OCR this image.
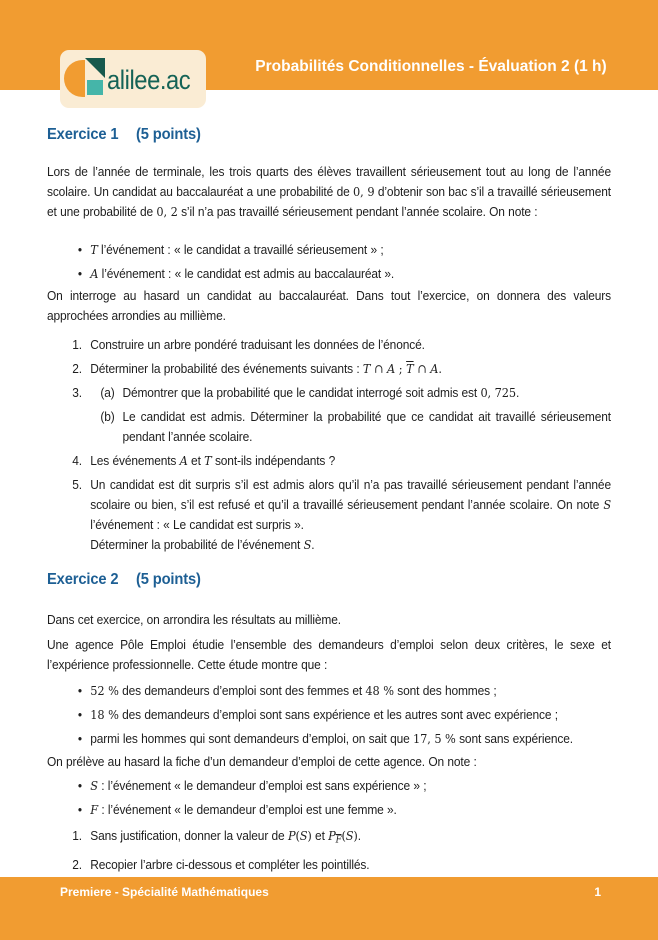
alilee.ac	Probabilités Conditionnelles - Évaluation 2 (1 h)
Exercice 1 (5 points)

Lors de l’année de terminale, les trois quarts des élèves travaillent sérieusement tout au long de l’année scolaire. Un candidat au baccalauréat a une probabilité de 0, 9 d’obtenir son bac s’il a travaillé sérieusement et une probabilité de 0, 2 s’il n’a pas travaillé sérieusement pendant l’année scolaire. On note :

•
T l’événement : « le candidat a travaillé sérieusement » ;
•
A l’événement : « le candidat est admis au baccalauréat ».

On interroge au hasard un candidat au baccalauréat. Dans tout l’exercice, on donnera des valeurs approchées arrondies au millième.

1. Construire un arbre pondéré traduisant les données de l’énoncé.
2. Déterminer la probabilité des événements suivants : T ∩ A ; $\overline{T}$ ∩ A.
3. (a) Démontrer que la probabilité que le candidat interrogé soit admis est 0, 725.
(b) Le candidat est admis. Déterminer la probabilité que ce candidat ait travaillé sérieusement pendant l’année scolaire.
4. Les événements A et T sont-ils indépendants ?
5. Un candidat est dit surpris s’il est admis alors qu’il n’a pas travaillé sérieusement pendant l’année scolaire ou bien, s’il est refusé et qu’il a travaillé sérieusement pendant l’année scolaire. On note S l’événement : « Le candidat est surpris ».
Déterminer la probabilité de l’événement S.
Exercice 2 (5 points)

Dans cet exercice, on arrondira les résultats au millième.

Une agence Pôle Emploi étudie l’ensemble des demandeurs d’emploi selon deux critères, le sexe et l’expérience professionnelle. Cette étude montre que :

•
52 % des demandeurs d’emploi sont des femmes et 48 % sont des hommes ;
•
18 % des demandeurs d’emploi sont sans expérience et les autres sont avec expérience ;
•
parmi les hommes qui sont demandeurs d’emploi, on sait que 17, 5 % sont sans expérience.

On prélève au hasard la fiche d’un demandeur d’emploi de cette agence. On note :

•
S : l’événement « le demandeur d’emploi est sans expérience » ;
•
F : l’événement « le demandeur d’emploi est une femme ».
1. Sans justification, donner la valeur de P(S) et $P_{\overline{F}}(S)$.
2. Recopier l’arbre ci-dessous et compléter les pointillés.
Premiere - Spécialité Mathématiques	1
